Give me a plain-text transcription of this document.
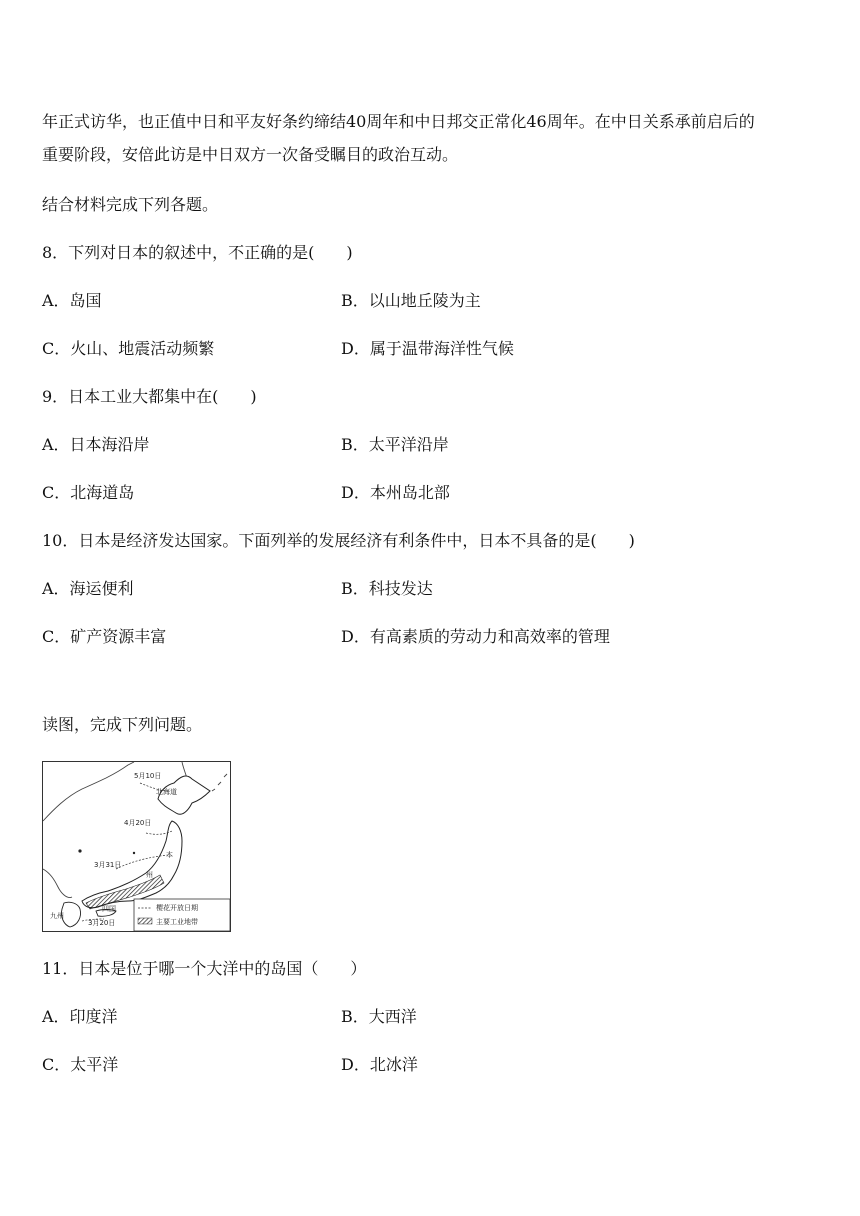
年正式访华，也正值中日和平友好条约缔结40周年和中日邦交正常化46周年。在中日关系承前启后的
重要阶段，安倍此访是中日双方一次备受瞩目的政治互动。
结合材料完成下列各题。
8．下列对日本的叙述中，不正确的是(　　)
A．岛国	B．以山地丘陵为主
C．火山、地震活动频繁	D．属于温带海洋性气候
9．日本工业大都集中在(　　)
A．日本海沿岸	B．太平洋沿岸
C．北海道岛	D．本州岛北部
10．日本是经济发达国家。下面列举的发展经济有利条件中，日本不具备的是(　　)
A．海运便利	B．科技发达
C．矿产资源丰富	D．有高素质的劳动力和高效率的管理
读图，完成下列问题。
5月10日
北海道
4月20日
3月31日
本
州
四国
九州
3月20日
樱花开放日期
主要工业地带
11．日本是位于哪一个大洋中的岛国（　　）
A．印度洋	B．大西洋
C．太平洋	D．北冰洋
